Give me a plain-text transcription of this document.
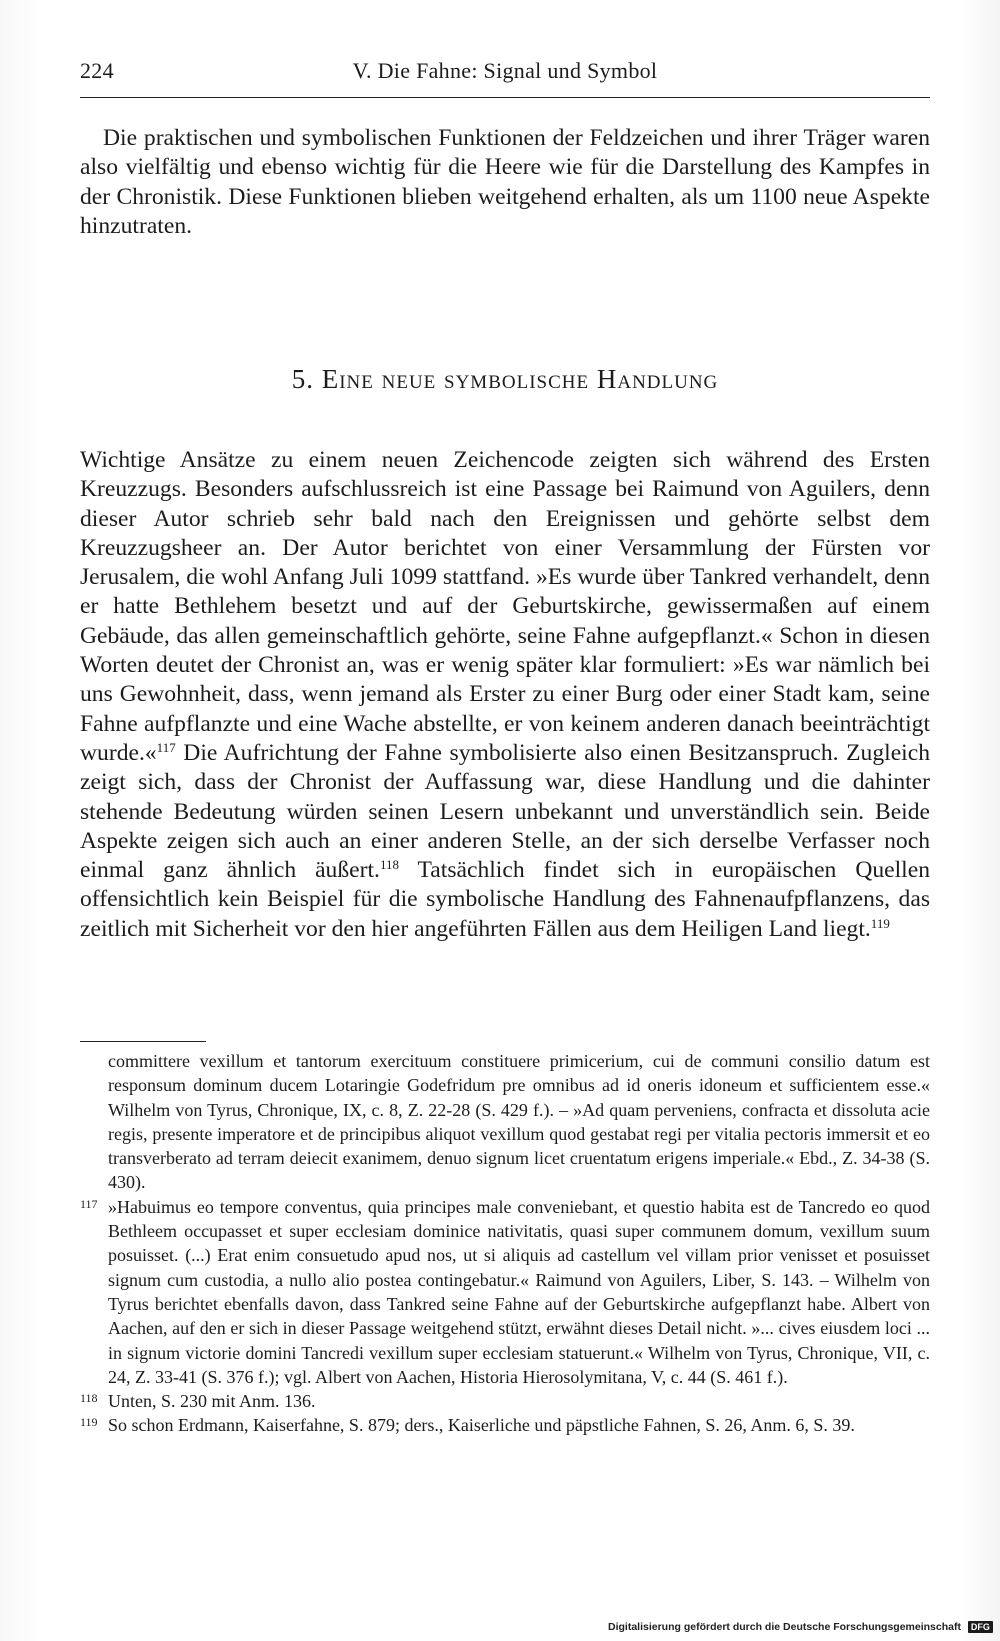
224	V. Die Fahne: Signal und Symbol
Die praktischen und symbolischen Funktionen der Feldzeichen und ihrer Träger waren also vielfältig und ebenso wichtig für die Heere wie für die Darstellung des Kampfes in der Chronistik. Diese Funktionen blieben weitgehend erhalten, als um 1100 neue Aspekte hinzutraten.
5. Eine neue symbolische Handlung
Wichtige Ansätze zu einem neuen Zeichencode zeigten sich während des Ersten Kreuzzugs. Besonders aufschlussreich ist eine Passage bei Raimund von Aguilers, denn dieser Autor schrieb sehr bald nach den Ereignissen und gehörte selbst dem Kreuzzugsheer an. Der Autor berichtet von einer Versammlung der Fürsten vor Jerusalem, die wohl Anfang Juli 1099 stattfand. »Es wurde über Tankred verhandelt, denn er hatte Bethlehem besetzt und auf der Geburtskirche, gewissermaßen auf einem Gebäude, das allen gemeinschaftlich gehörte, seine Fahne aufgepflanzt.« Schon in diesen Worten deutet der Chronist an, was er wenig später klar formuliert: »Es war nämlich bei uns Gewohnheit, dass, wenn jemand als Erster zu einer Burg oder einer Stadt kam, seine Fahne aufpflanzte und eine Wache abstellte, er von keinem anderen danach beeinträchtigt wurde.«$^{117}$ Die Aufrichtung der Fahne symbolisierte also einen Besitzanspruch. Zugleich zeigt sich, dass der Chronist der Auffassung war, diese Handlung und die dahinter stehende Bedeutung würden seinen Lesern unbekannt und unverständlich sein. Beide Aspekte zeigen sich auch an einer anderen Stelle, an der sich derselbe Verfasser noch einmal ganz ähnlich äußert.$^{118}$ Tatsächlich findet sich in europäischen Quellen offensichtlich kein Beispiel für die symbolische Handlung des Fahnenaufpflanzens, das zeitlich mit Sicherheit vor den hier angeführten Fällen aus dem Heiligen Land liegt.$^{119}$
committere vexillum et tantorum exercituum constituere primicerium, cui de communi consilio datum est responsum dominum ducem Lotaringie Godefridum pre omnibus ad id oneris idoneum et sufficientem esse.« Wilhelm von Tyrus, Chronique, IX, c. 8, Z. 22-28 (S. 429 f.). – »Ad quam perveniens, confracta et dissoluta acie regis, presente imperatore et de principibus aliquot vexillum quod gestabat regi per vitalia pectoris immersit et eo transverberato ad terram deiecit exanimem, denuo signum licet cruentatum erigens imperiale.« Ebd., Z. 34-38 (S. 430).
117 »Habuimus eo tempore conventus, quia principes male conveniebant, et questio habita est de Tancredo eo quod Bethleem occupasset et super ecclesiam dominice nativitatis, quasi super communem domum, vexillum suum posuisset. (...) Erat enim consuetudo apud nos, ut si aliquis ad castellum vel villam prior venisset et posuisset signum cum custodia, a nullo alio postea contingebatur.« Raimund von Aguilers, Liber, S. 143. – Wilhelm von Tyrus berichtet ebenfalls davon, dass Tankred seine Fahne auf der Geburtskirche aufgepflanzt habe. Albert von Aachen, auf den er sich in dieser Passage weitgehend stützt, erwähnt dieses Detail nicht. »... cives eiusdem loci ... in signum victorie domini Tancredi vexillum super ecclesiam statuerunt.« Wilhelm von Tyrus, Chronique, VII, c. 24, Z. 33-41 (S. 376 f.); vgl. Albert von Aachen, Historia Hierosolymitana, V, c. 44 (S. 461 f.).
118 Unten, S. 230 mit Anm. 136.
119 So schon Erdmann, Kaiserfahne, S. 879; ders., Kaiserliche und päpstliche Fahnen, S. 26, Anm. 6, S. 39.
Digitalisierung gefördert durch die Deutsche Forschungsgemeinschaft DFG
